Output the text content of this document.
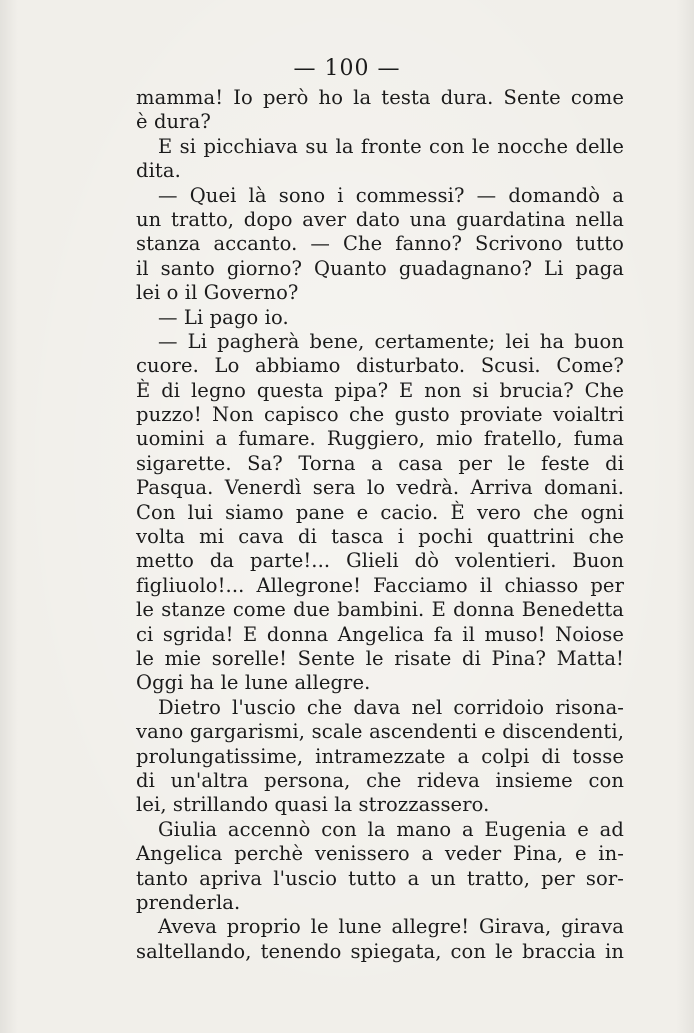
— 100 —
mamma! Io però ho la testa dura. Sente come
è dura?
E si picchiava su la fronte con le nocche delle
dita.
— Quei là sono i commessi? — domandò a
un tratto, dopo aver dato una guardatina nella
stanza accanto. — Che fanno? Scrivono tutto
il santo giorno? Quanto guadagnano? Li paga
lei o il Governo?
— Li pago io.
— Li pagherà bene, certamente; lei ha buon
cuore. Lo abbiamo disturbato. Scusi. Come?
È di legno questa pipa? E non si brucia? Che
puzzo! Non capisco che gusto proviate voialtri
uomini a fumare. Ruggiero, mio fratello, fuma
sigarette. Sa? Torna a casa per le feste di
Pasqua. Venerdì sera lo vedrà. Arriva domani.
Con lui siamo pane e cacio. È vero che ogni
volta mi cava di tasca i pochi quattrini che
metto da parte!... Glieli dò volentieri. Buon
figliuolo!... Allegrone! Facciamo il chiasso per
le stanze come due bambini. E donna Benedetta
ci sgrida! E donna Angelica fa il muso! Noiose
le mie sorelle! Sente le risate di Pina? Matta!
Oggi ha le lune allegre.
Dietro l'uscio che dava nel corridoio risona-
vano gargarismi, scale ascendenti e discendenti,
prolungatissime, intramezzate a colpi di tosse
di un'altra persona, che rideva insieme con
lei, strillando quasi la strozzassero.
Giulia accennò con la mano a Eugenia e ad
Angelica perchè venissero a veder Pina, e in-
tanto apriva l'uscio tutto a un tratto, per sor-
prenderla.
Aveva proprio le lune allegre! Girava, girava
saltellando, tenendo spiegata, con le braccia in
